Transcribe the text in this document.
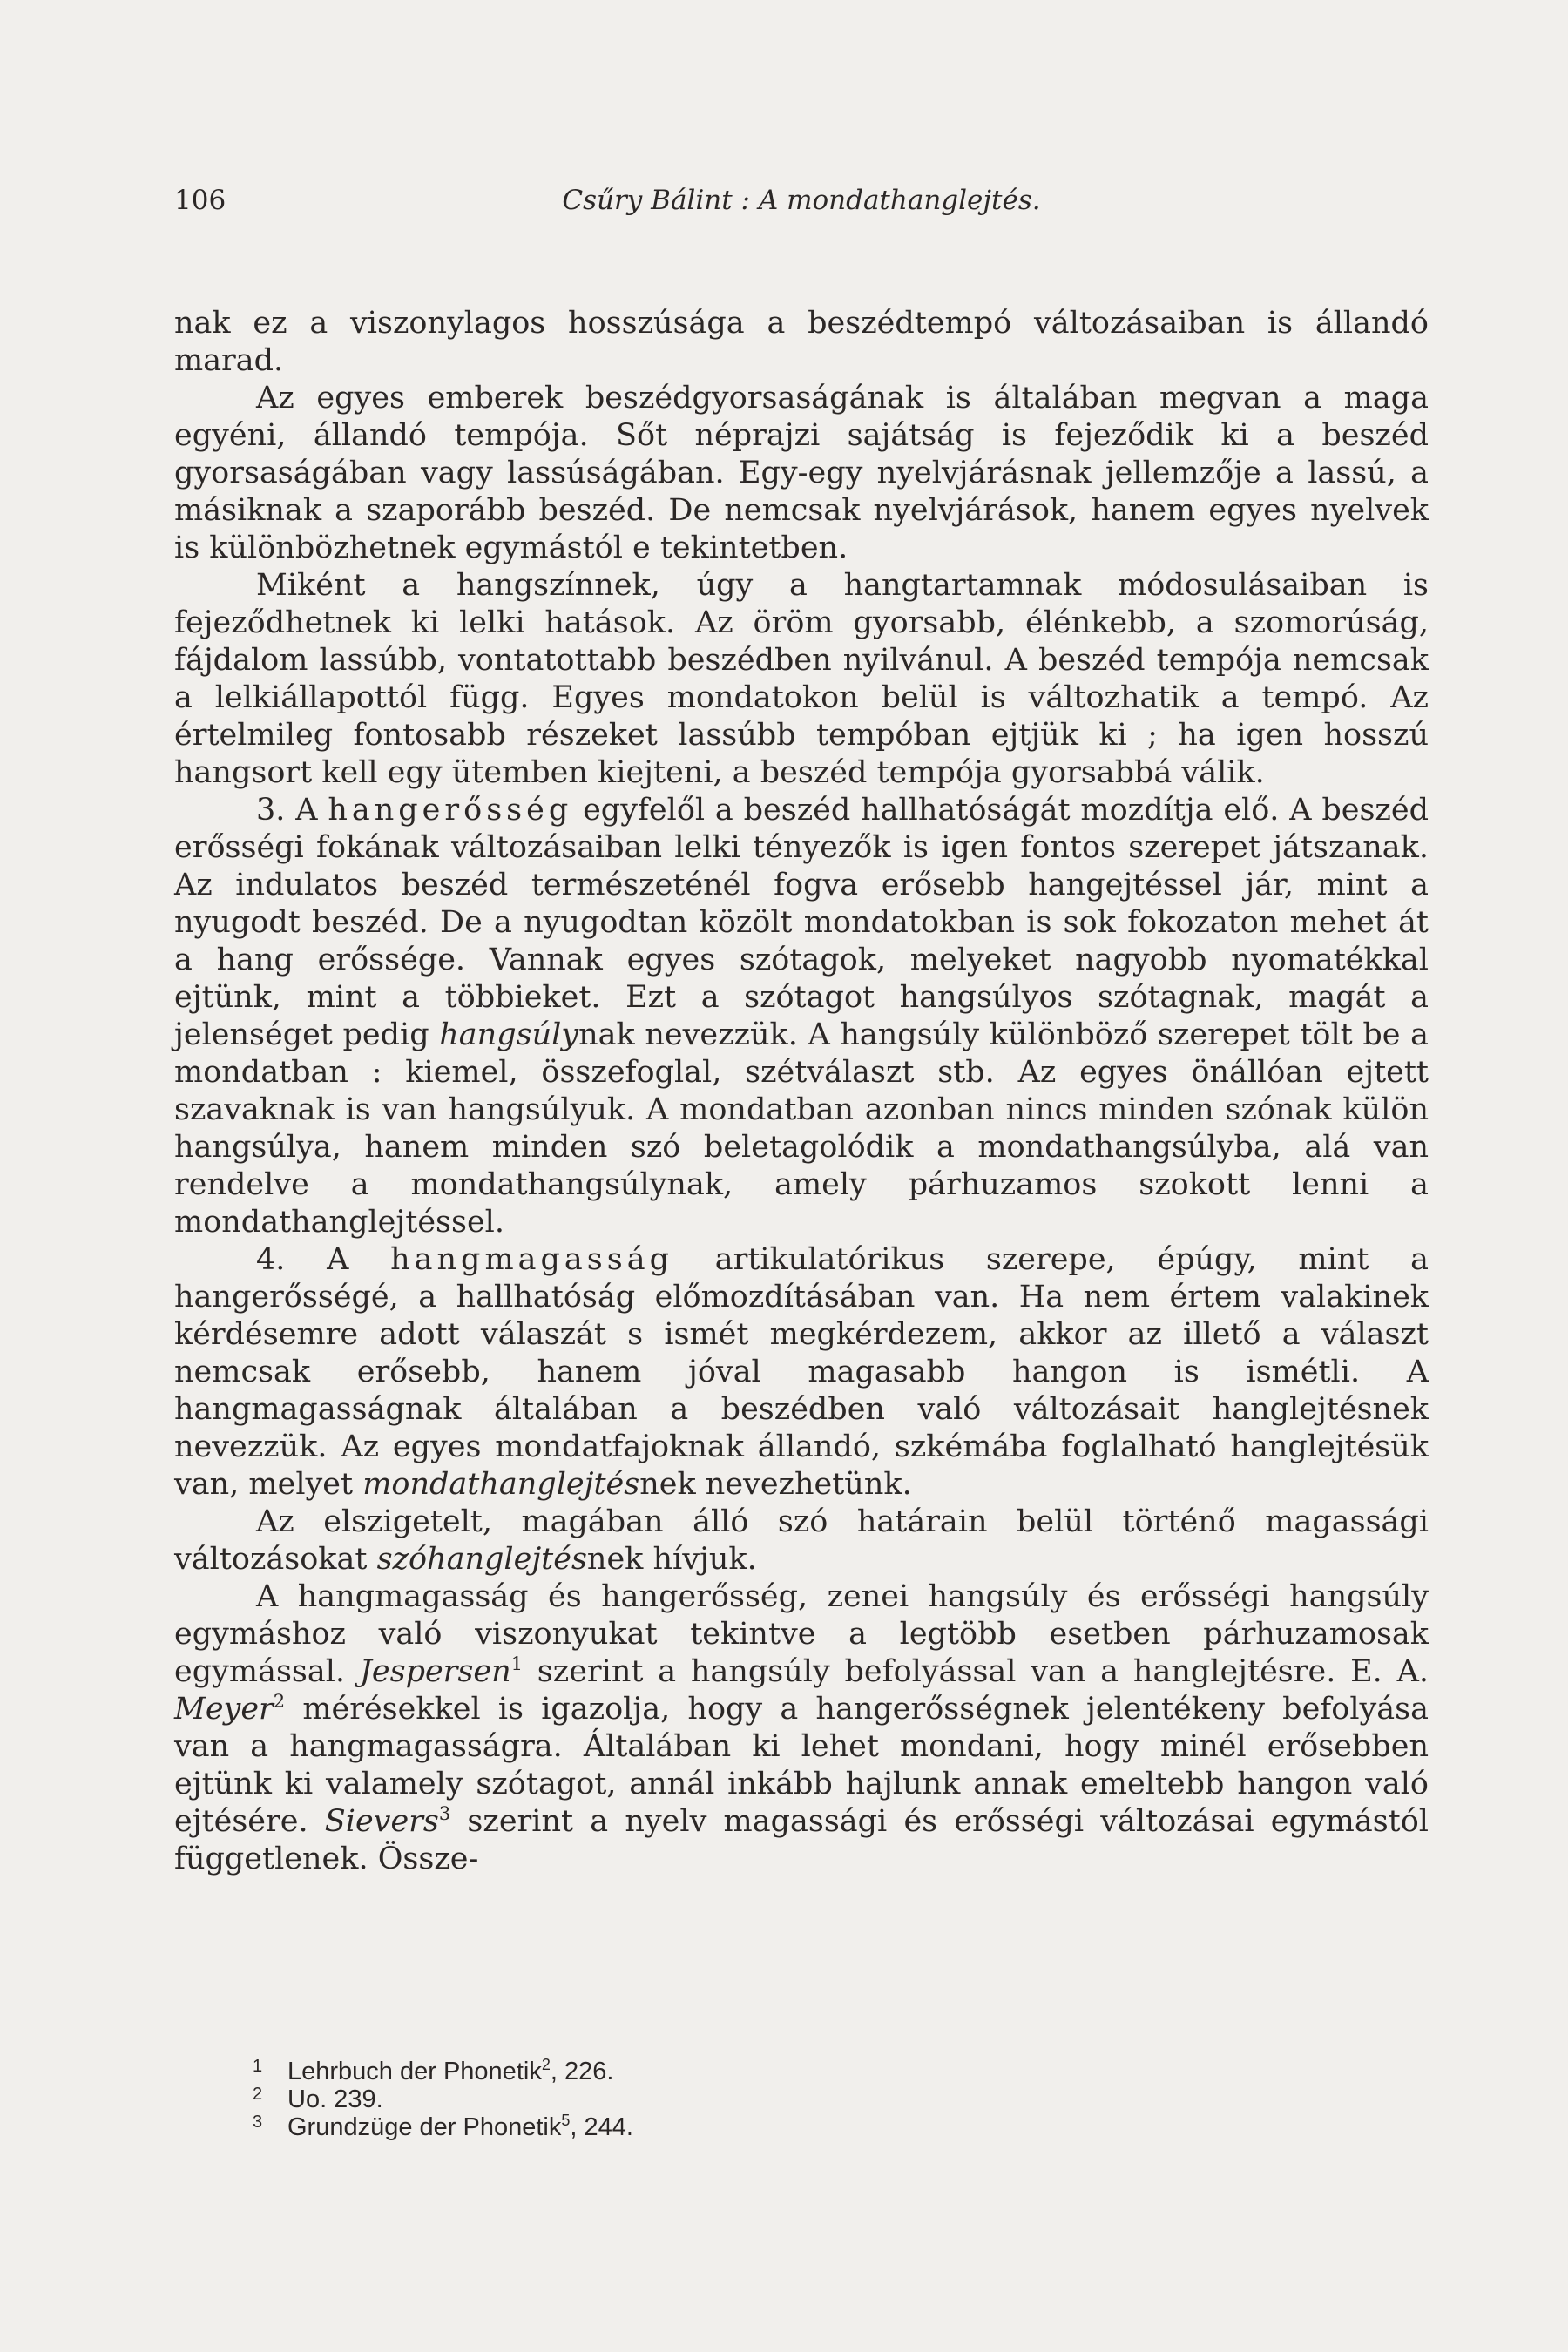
106	Csűry Bálint : A mondathanglejtés.

nak ez a viszonylagos hosszúsága a beszédtempó változásaiban is állandó marad.

Az egyes emberek beszédgyorsaságának is általában megvan a maga egyéni, állandó tempója. Sőt néprajzi sajátság is fejeződik ki a beszéd gyorsaságában vagy lassúságában. Egy-egy nyelvjárásnak jellemzője a lassú, a másiknak a szaporább beszéd. De nemcsak nyelvjárások, hanem egyes nyelvek is különbözhetnek egymástól e tekintetben.

Miként a hangszínnek, úgy a hangtartamnak módosulásaiban is fejeződhetnek ki lelki hatások. Az öröm gyorsabb, élénkebb, a szomorúság, fájdalom lassúbb, vontatottabb beszédben nyilvánul. A beszéd tempója nemcsak a lelkiállapottól függ. Egyes mondatokon belül is változhatik a tempó. Az értelmileg fontosabb részeket lassúbb tempóban ejtjük ki ; ha igen hosszú hangsort kell egy ütemben kiejteni, a beszéd tempója gyorsabbá válik.

3. A hangerősség egyfelől a beszéd hallhatóságát mozdítja elő. A beszéd erősségi fokának változásaiban lelki tényezők is igen fontos szerepet játszanak. Az indulatos beszéd természeténél fogva erősebb hangejtéssel jár, mint a nyugodt beszéd. De a nyugodtan közölt mondatokban is sok fokozaton mehet át a hang erőssége. Vannak egyes szótagok, melyeket nagyobb nyomatékkal ejtünk, mint a többieket. Ezt a szótagot hangsúlyos szótagnak, magát a jelenséget pedig hangsúlynak nevezzük. A hangsúly különböző szerepet tölt be a mondatban : kiemel, összefoglal, szétválaszt stb. Az egyes önállóan ejtett szavaknak is van hangsúlyuk. A mondatban azonban nincs minden szónak külön hangsúlya, hanem minden szó beletagolódik a mondathangsúlyba, alá van rendelve a mondathangsúlynak, amely párhuzamos szokott lenni a mondathanglejtéssel.

4. A hangmagasság artikulatórikus szerepe, épúgy, mint a hangerősségé, a hallhatóság előmozdításában van. Ha nem értem valakinek kérdésemre adott válaszát s ismét megkérdezem, akkor az illető a választ nemcsak erősebb, hanem jóval magasabb hangon is ismétli. A hangmagasságnak általában a beszédben való változásait hanglejtésnek nevezzük. Az egyes mondatfajoknak állandó, szkémába foglalható hanglejtésük van, melyet mondathanglejtésnek nevezhetünk.

Az elszigetelt, magában álló szó határain belül történő magassági változásokat szóhanglejtésnek hívjuk.

A hangmagasság és hangerősség, zenei hangsúly és erősségi hangsúly egymáshoz való viszonyukat tekintve a legtöbb esetben párhuzamosak egymással. Jespersen$^1$ szerint a hangsúly befolyással van a hanglejtésre. E. A. Meyer$^2$ mérésekkel is igazolja, hogy a hangerősségnek jelentékeny befolyása van a hangmagasságra. Általában ki lehet mondani, hogy minél erősebben ejtünk ki valamely szótagot, annál inkább hajlunk annak emeltebb hangon való ejtésére. Sievers$^3$ szerint a nyelv magassági és erősségi változásai egymástól függetlenek. Össze-

1 Lehrbuch der Phonetik$^2$, 226.
2 Uo. 239.
3 Grundzüge der Phonetik$^5$, 244.
